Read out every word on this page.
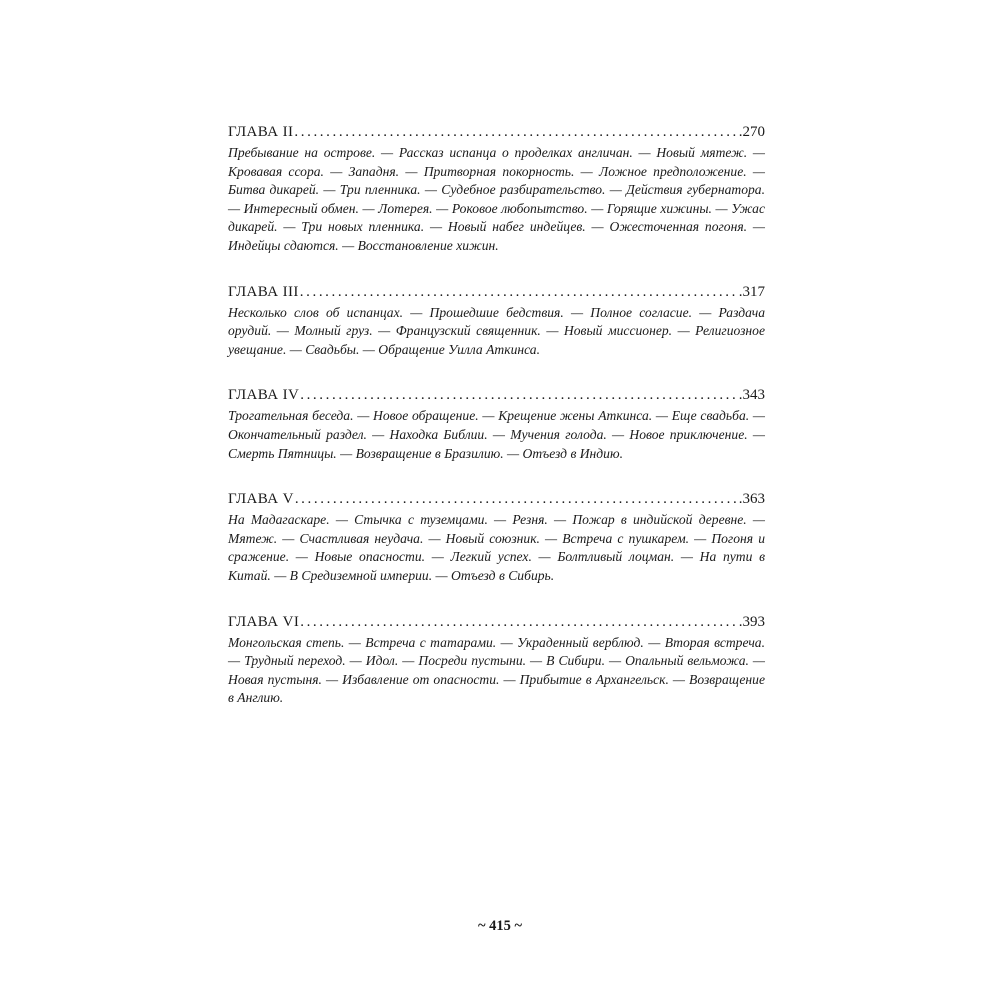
ГЛАВА II .....	.270
Пребывание на острове. — Рассказ испанца о проделках англичан. — Новый мятеж. — Кровавая ссора. — Западня. — Притворная покорность. — Ложное предположение. — Битва дикарей. — Три пленника. — Судебное разбирательство. — Действия губернатора. — Интересный обмен. — Лотерея. — Роковое любопытство. — Горящие хижины. — Ужас дикарей. — Три новых пленника. — Новый набег индейцев. — Ожесточенная погоня. — Индейцы сдаются. — Восстановление хижин.
ГЛАВА III .....	.317
Несколько слов об испанцах. — Прошедшие бедствия. — Полное согласие. — Раздача орудий. — Молный груз. — Французский священник. — Новый миссионер. — Религиозное увещание. — Свадьбы. — Обращение Уилла Аткинса.
ГЛАВА IV .....	.343
Трогательная беседа. — Новое обращение. — Крещение жены Аткинса. — Еще свадьба. — Окончательный раздел. — Находка Библии. — Мучения голода. — Новое приключение. — Смерть Пятницы. — Возвращение в Бразилию. — Отъезд в Индию.
ГЛАВА V .....	.363
На Мадагаскаре. — Стычка с туземцами. — Резня. — Пожар в индийской деревне. — Мятеж. — Счастливая неудача. — Новый союзник. — Встреча с пушкарем. — Погоня и сражение. — Новые опасности. — Легкий успех. — Болтливый лоцман. — На пути в Китай. — В Средиземной империи. — Отъезд в Сибирь.
ГЛАВА VI .....	.393
Монгольская степь. — Встреча с татарами. — Украденный верблюд. — Вторая встреча. — Трудный переход. — Идол. — Посреди пустыни. — В Сибири. — Опальный вельможа. — Новая пустыня. — Избавление от опасности. — Прибытие в Архангельск. — Возвращение в Англию.
~ 415 ~
